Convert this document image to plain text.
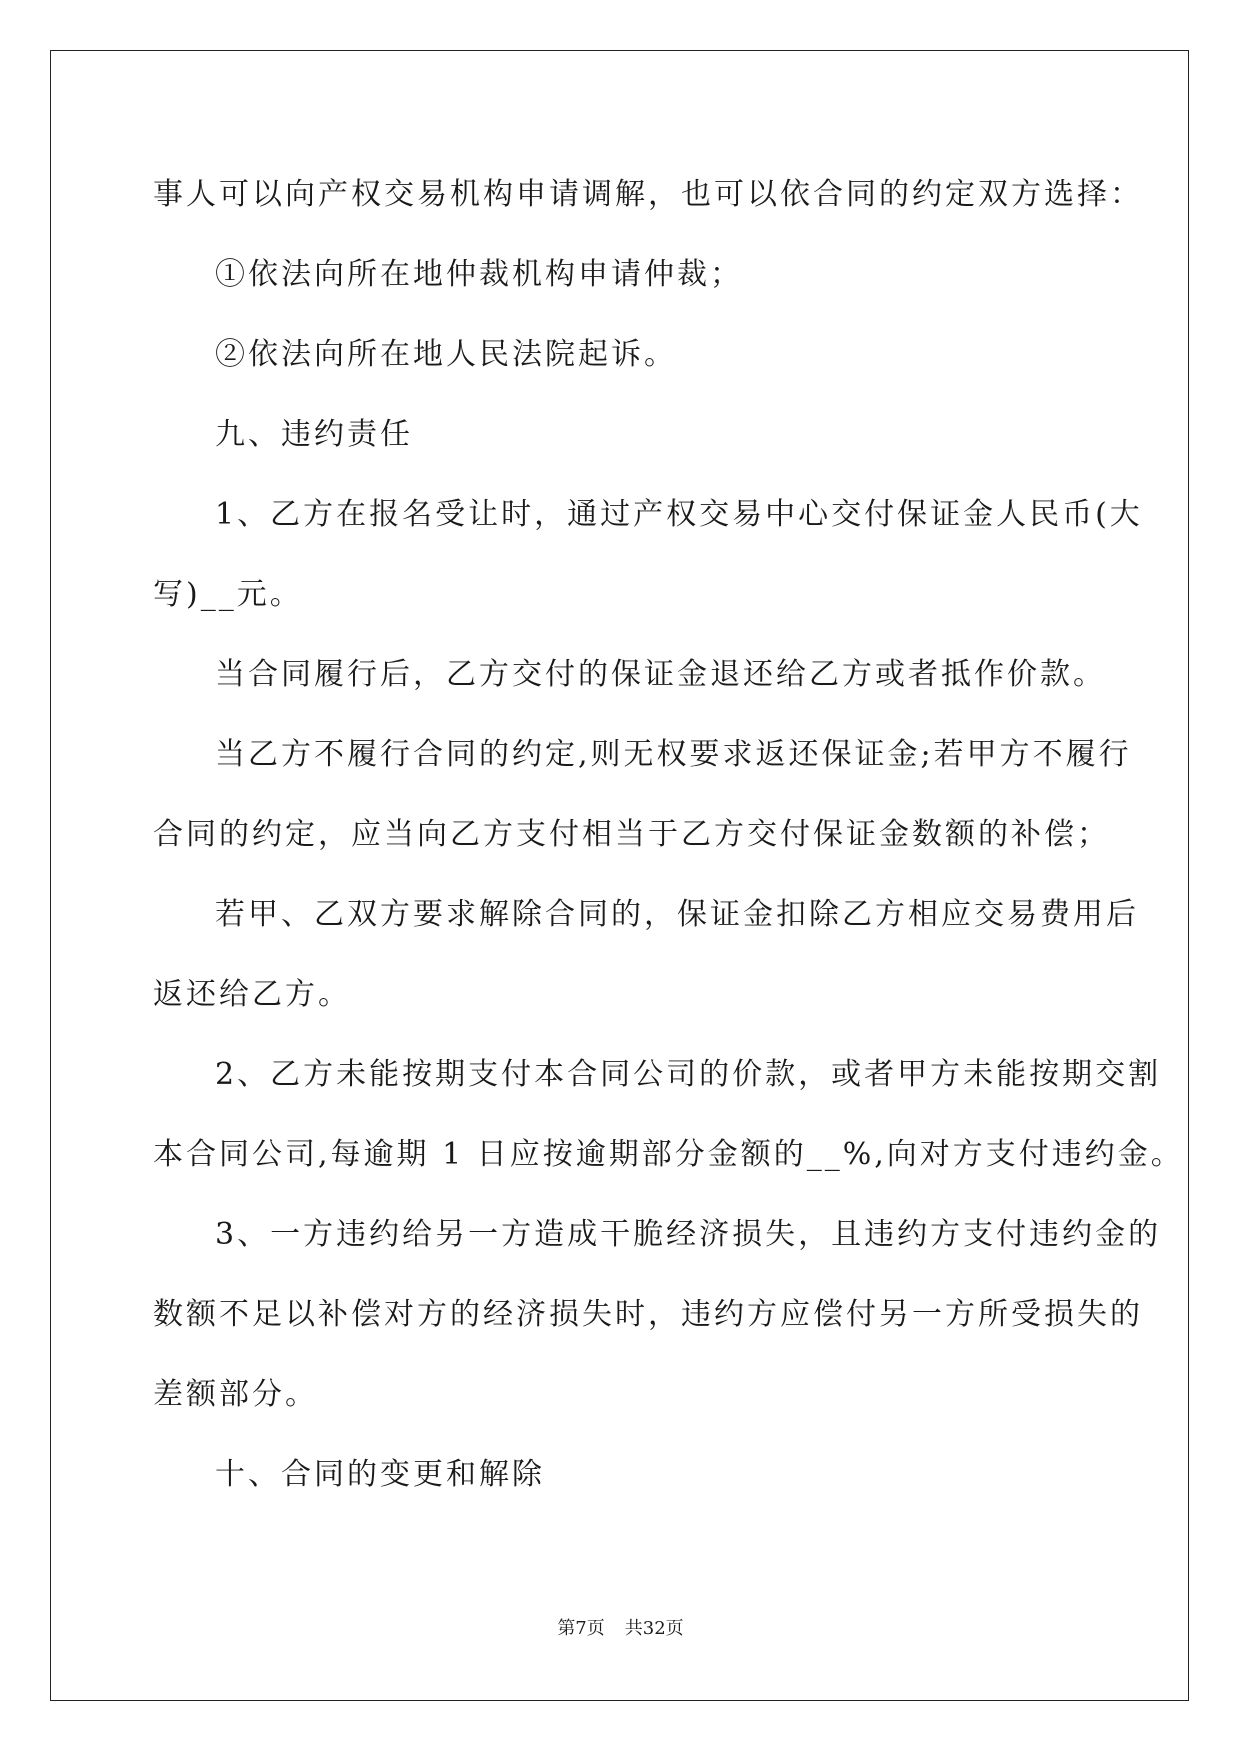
事人可以向产权交易机构申请调解，也可以依合同的约定双方选择：

①依法向所在地仲裁机构申请仲裁；

②依法向所在地人民法院起诉。

九、违约责任

1、乙方在报名受让时，通过产权交易中心交付保证金人民币(大

写)__元。

当合同履行后，乙方交付的保证金退还给乙方或者抵作价款。

当乙方不履行合同的约定,则无权要求返还保证金;若甲方不履行

合同的约定，应当向乙方支付相当于乙方交付保证金数额的补偿；

若甲、乙双方要求解除合同的，保证金扣除乙方相应交易费用后

返还给乙方。

2、乙方未能按期支付本合同公司的价款，或者甲方未能按期交割

本合同公司,每逾期 1 日应按逾期部分金额的__%,向对方支付违约金。

3、一方违约给另一方造成干脆经济损失，且违约方支付违约金的

数额不足以补偿对方的经济损失时，违约方应偿付另一方所受损失的

差额部分。

十、合同的变更和解除

第7页 共32页
